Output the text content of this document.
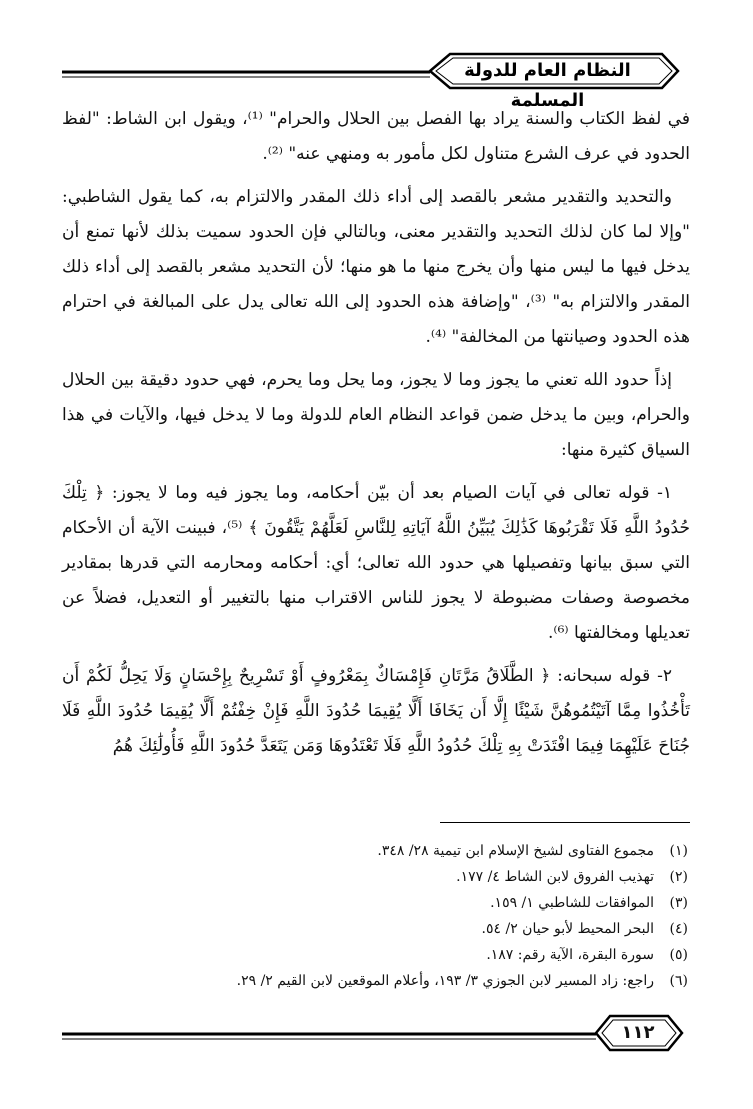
النظام العام للدولة المسلمة

في لفظ الكتاب والسنة يراد بها الفصل بين الحلال والحرام" ⁽¹⁾، ويقول ابن الشاط: "لفظ الحدود في عرف الشرع متناول لكل مأمور به ومنهي عنه" ⁽²⁾.

والتحديد والتقدير مشعر بالقصد إلى أداء ذلك المقدر والالتزام به، كما يقول الشاطبي: "وإلا لما كان لذلك التحديد والتقدير معنى، وبالتالي فإن الحدود سميت بذلك لأنها تمنع أن يدخل فيها ما ليس منها وأن يخرج منها ما هو منها؛ لأن التحديد مشعر بالقصد إلى أداء ذلك المقدر والالتزام به" ⁽³⁾، "وإضافة هذه الحدود إلى الله تعالى يدل على المبالغة في احترام هذه الحدود وصيانتها من المخالفة" ⁽⁴⁾.

إذاً حدود الله تعني ما يجوز وما لا يجوز، وما يحل وما يحرم، فهي حدود دقيقة بين الحلال والحرام، وبين ما يدخل ضمن قواعد النظام العام للدولة وما لا يدخل فيها، والآيات في هذا السياق كثيرة منها:

١- قوله تعالى في آيات الصيام بعد أن بيّن أحكامه، وما يجوز فيه وما لا يجوز: ﴿ تِلْكَ حُدُودُ اللَّهِ فَلَا تَقْرَبُوهَا كَذَٰلِكَ يُبَيِّنُ اللَّهُ آيَاتِهِ لِلنَّاسِ لَعَلَّهُمْ يَتَّقُونَ ﴾ ⁽⁵⁾، فبينت الآية أن الأحكام التي سبق بيانها وتفصيلها هي حدود الله تعالى؛ أي: أحكامه ومحارمه التي قدرها بمقادير مخصوصة وصفات مضبوطة لا يجوز للناس الاقتراب منها بالتغيير أو التعديل، فضلاً عن تعديلها ومخالفتها ⁽⁶⁾.

٢- قوله سبحانه: ﴿ الطَّلَاقُ مَرَّتَانِ فَإِمْسَاكٌ بِمَعْرُوفٍ أَوْ تَسْرِيحٌ بِإِحْسَانٍ وَلَا يَحِلُّ لَكُمْ أَن تَأْخُذُوا مِمَّا آتَيْتُمُوهُنَّ شَيْئًا إِلَّا أَن يَخَافَا أَلَّا يُقِيمَا حُدُودَ اللَّهِ فَإِنْ خِفْتُمْ أَلَّا يُقِيمَا حُدُودَ اللَّهِ فَلَا جُنَاحَ عَلَيْهِمَا فِيمَا افْتَدَتْ بِهِ تِلْكَ حُدُودُ اللَّهِ فَلَا تَعْتَدُوهَا وَمَن يَتَعَدَّ حُدُودَ اللَّهِ فَأُولَٰئِكَ هُمُ

(١)مجموع الفتاوى لشيخ الإسلام ابن تيمية ٢٨/ ٣٤٨.
(٢)تهذيب الفروق لابن الشاط ٤/ ١٧٧.
(٣)الموافقات للشاطبي ١/ ١٥٩.
(٤)البحر المحيط لأبو حيان ٢/ ٥٤.
(٥)سورة البقرة، الآية رقم: ١٨٧.
(٦)راجع: زاد المسير لابن الجوزي ٣/ ١٩٣، وأعلام الموقعين لابن القيم ٢/ ٢٩.
١١٢
